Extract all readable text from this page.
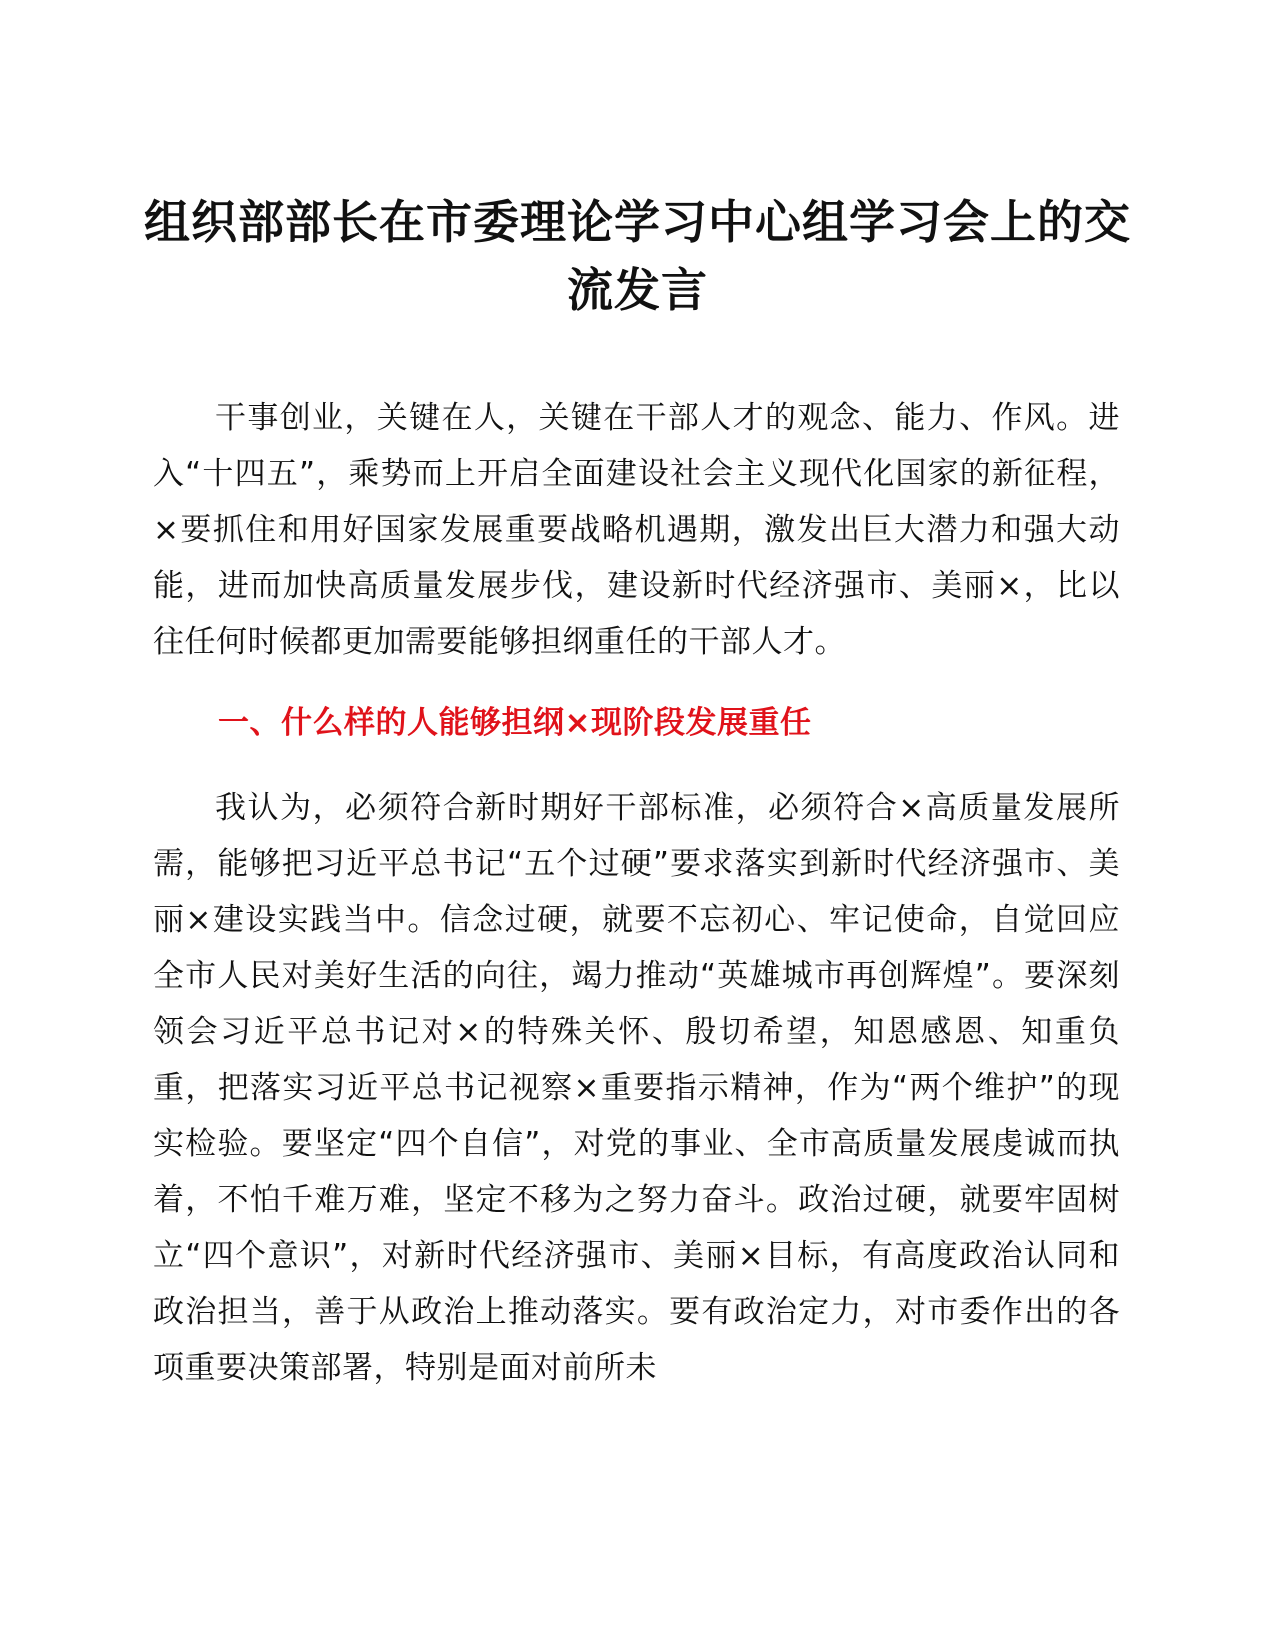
组织部部长在市委理论学习中心组学习会上的交流发言

干事创业，关键在人，关键在干部人才的观念、能力、作风。进入“十四五”，乘势而上开启全面建设社会主义现代化国家的新征程，×要抓住和用好国家发展重要战略机遇期，激发出巨大潜力和强大动能，进而加快高质量发展步伐，建设新时代经济强市、美丽×，比以往任何时候都更加需要能够担纲重任的干部人才。

一、什么样的人能够担纲×现阶段发展重任

我认为，必须符合新时期好干部标准，必须符合×高质量发展所需，能够把习近平总书记“五个过硬”要求落实到新时代经济强市、美丽×建设实践当中。信念过硬，就要不忘初心、牢记使命，自觉回应全市人民对美好生活的向往，竭力推动“英雄城市再创辉煌”。要深刻领会习近平总书记对×的特殊关怀、殷切希望，知恩感恩、知重负重，把落实习近平总书记视察×重要指示精神，作为“两个维护”的现实检验。要坚定“四个自信”，对党的事业、全市高质量发展虔诚而执着，不怕千难万难，坚定不移为之努力奋斗。政治过硬，就要牢固树立“四个意识”，对新时代经济强市、美丽×目标，有高度政治认同和政治担当，善于从政治上推动落实。要有政治定力，对市委作出的各项重要决策部署，特别是面对前所未
